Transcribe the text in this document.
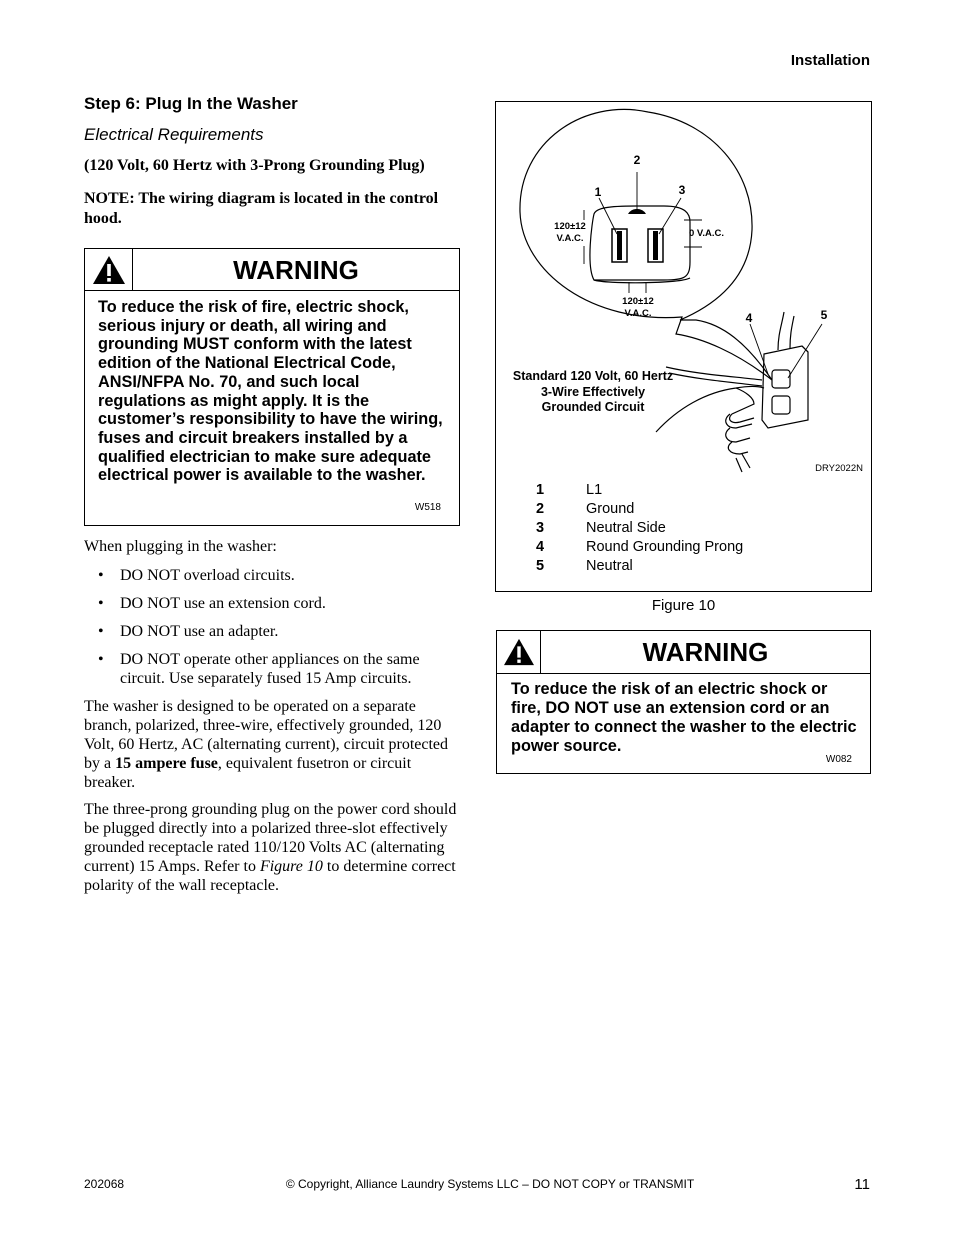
Installation
Step 6: Plug In the Washer
Electrical Requirements
(120 Volt, 60 Hertz with 3-Prong Grounding Plug)
NOTE: The wiring diagram is located in the control hood.
WARNING
To reduce the risk of fire, electric shock, serious injury or death, all wiring and grounding MUST conform with the latest edition of the National Electrical Code, ANSI/NFPA No. 70, and such local regulations as might apply. It is the customer’s responsibility to have the wiring, fuses and circuit breakers installed by a qualified electrician to make sure adequate electrical power is available to the washer.
W518
When plugging in the washer:
• DO NOT overload circuits.
• DO NOT use an extension cord.
• DO NOT use an adapter.
• DO NOT operate other appliances on the same circuit. Use separately fused 15 Amp circuits.

The washer is designed to be operated on a separate branch, polarized, three-wire, effectively grounded, 120 Volt, 60 Hertz, AC (alternating current), circuit protected by a 15 ampere fuse, equivalent fusetron or circuit breaker.

The three-prong grounding plug on the power cord should be plugged directly into a polarized three-slot effectively grounded receptacle rated 110/120 Volts AC (alternating current) 15 Amps. Refer to Figure 10 to determine correct polarity of the wall receptacle.

2
1	3
4	5
120±12
V.A.C.	0 V.A.C.
120±12
V.A.C.
Standard 120 Volt, 60 Hertz
3-Wire Effectively
Grounded Circuit
DRY2022N
1	L1
2	Ground
3	Neutral Side
4	Round Grounding Prong
5	Neutral
Figure 10
WARNING
To reduce the risk of an electric shock or fire, DO NOT use an extension cord or an adapter to connect the washer to the electric power source.
W082
202068	© Copyright, Alliance Laundry Systems LLC – DO NOT COPY or TRANSMIT	11
